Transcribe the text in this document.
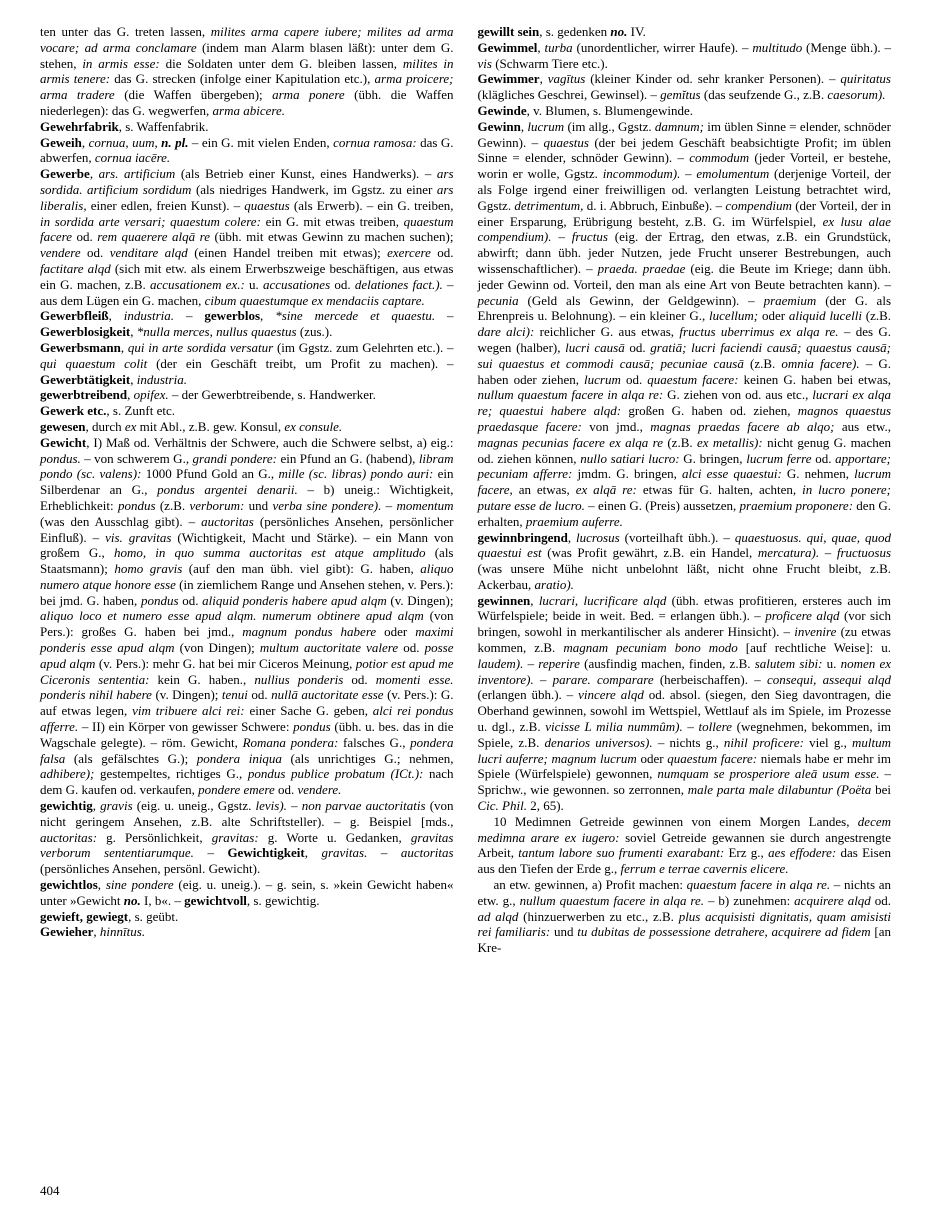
ten unter das G. treten lassen, milites arma capere iubere; milites ad arma vocare; ad arma conclamare (indem man Alarm blasen läßt): unter dem G. stehen, in armis esse: die Soldaten unter dem G. bleiben lassen, milites in armis tenere: das G. strecken (infolge einer Kapitulation etc.), arma proicere; arma tradere (die Waffen übergeben); arma ponere (übh. die Waffen niederlegen): das G. wegwerfen, arma abicere.

Gewehrfabrik, s. Waffenfabrik.

Geweih, cornua, uum, n. pl. – ein G. mit vielen Enden, cornua ramosa: das G. abwerfen, cornua iacēre.

Gewerbe, ars. artificium (als Betrieb einer Kunst, eines Handwerks). – ars sordida. artificium sordidum (als niedriges Handwerk, im Ggstz. zu einer ars liberalis, einer edlen, freien Kunst). – quaestus (als Erwerb). – ein G. treiben, in sordida arte versari; quaestum colere: ein G. mit etwas treiben, quaestum facere od. rem quaerere alqā re (übh. mit etwas Gewinn zu machen suchen); vendere od. venditare alqd (einen Handel treiben mit etwas); exercere od. factitare alqd (sich mit etw. als einem Erwerbszweige beschäftigen, aus etwas ein G. machen, z.B. accusationem ex.: u. accusationes od. delationes fact.). – aus dem Lügen ein G. machen, cibum quaestumque ex mendaciis captare.

Gewerbfleiß, industria. – gewerblos, *sine mercede et quaestu. – Gewerblosigkeit, *nulla merces, nullus quaestus (zus.).

Gewerbsmann, qui in arte sordida versatur (im Ggstz. zum Gelehrten etc.). – qui quaestum colit (der ein Geschäft treibt, um Profit zu machen). – Gewerbtätigkeit, industria.

gewerbtreibend, opifex. – der Gewerbtreibende, s. Handwerker.

Gewerk etc., s. Zunft etc.

gewesen, durch ex mit Abl., z.B. gew. Konsul, ex consule.

Gewicht, I) Maß od. Verhältnis der Schwere, auch die Schwere selbst, a) eig.: pondus. – von schwerem G., grandi pondere: ein Pfund an G. (habend), libram pondo (sc. valens): 1000 Pfund Gold an G., mille (sc. libras) pondo auri: ein Silberdenar an G., pondus argentei denarii. – b) uneig.: Wichtigkeit, Erheblichkeit: pondus (z.B. verborum: und verba sine pondere). – momentum (was den Ausschlag gibt). – auctoritas (persönliches Ansehen, persönlicher Einfluß). – vis. gravitas (Wichtigkeit, Macht und Stärke). – ein Mann von großem G., homo, in quo summa auctoritas est atque amplitudo (als Staatsmann); homo gravis (auf den man übh. viel gibt): G. haben, aliquo numero atque honore esse (in ziemlichem Range und Ansehen stehen, v. Pers.): bei jmd. G. haben, pondus od. aliquid ponderis habere apud alqm (v. Dingen); aliquo loco et numero esse apud alqm. numerum obtinere apud alqm (von Pers.): großes G. haben bei jmd., magnum pondus habere oder maximi ponderis esse apud alqm (von Dingen); multum auctoritate valere od. posse apud alqm (v. Pers.): mehr G. hat bei mir Ciceros Meinung, potior est apud me Ciceronis sententia: kein G. haben., nullius ponderis od. momenti esse. ponderis nihil habere (v. Dingen); tenui od. nullā auctoritate esse (v. Pers.): G. auf etwas legen, vim tribuere alci rei: einer Sache G. geben, alci rei pondus afferre. – II) ein Körper von gewisser Schwere: pondus (übh. u. bes. das in die Wagschale gelegte). – röm. Gewicht, Romana pondera: falsches G., pondera falsa (als gefälschtes G.); pondera iniqua (als unrichtiges G.; nehmen, adhibere); gestempeltes, richtiges G., pondus publice probatum (ICt.): nach dem G. kaufen od. verkaufen, pondere emere od. vendere.

gewichtig, gravis (eig. u. uneig., Ggstz. levis). – non parvae auctoritatis (von nicht geringem Ansehen, z.B. alte Schriftsteller). – g. Beispiel [mds., auctoritas: g. Persönlichkeit, gravitas: g. Worte u. Gedanken, gravitas verborum sententiarumque. – Gewichtigkeit, gravitas. – auctoritas (persönliches Ansehen, persönl. Gewicht).

gewichtlos, sine pondere (eig. u. uneig.). – g. sein, s. »kein Gewicht haben« unter »Gewicht no. I, b«. – gewichtvoll, s. gewichtig.

gewieft, gewiegt, s. geübt.

Gewieher, hinnītus.

gewillt sein, s. gedenken no. IV.

Gewimmel, turba (unordentlicher, wirrer Haufe). – multitudo (Menge übh.). – vis (Schwarm Tiere etc.).

Gewimmer, vagītus (kleiner Kinder od. sehr kranker Personen). – quiritatus (klägliches Geschrei, Gewinsel). – gemĭtus (das seufzende G., z.B. caesorum).

Gewinde, v. Blumen, s. Blumengewinde.

Gewinn, lucrum (im allg., Ggstz. damnum; im üblen Sinne = elender, schnöder Gewinn). – quaestus (der bei jedem Geschäft beabsichtigte Profit; im üblen Sinne = elender, schnöder Gewinn). – commodum (jeder Vorteil, er bestehe, worin er wolle, Ggstz. incommodum). – emolumentum (derjenige Vorteil, der als Folge irgend einer freiwilligen od. verlangten Leistung betrachtet wird, Ggstz. detrimentum, d. i. Abbruch, Einbuße). – compendium (der Vorteil, der in einer Ersparung, Erübrigung besteht, z.B. G. im Würfelspiel, ex lusu alae compendium). – fructus (eig. der Ertrag, den etwas, z.B. ein Grundstück, abwirft; dann übh. jeder Nutzen, jede Frucht unserer Bestrebungen, auch wissenschaftlicher). – praeda. praedae (eig. die Beute im Kriege; dann übh. jeder Gewinn od. Vorteil, den man als eine Art von Beute betrachten kann). – pecunia (Geld als Gewinn, der Geldgewinn). – praemium (der G. als Ehrenpreis u. Belohnung). – ein kleiner G., lucellum; oder aliquid lucelli (z.B. dare alci): reichlicher G. aus etwas, fructus uberrimus ex alqa re. – des G. wegen (halber), lucri causā od. gratiā; lucri faciendi causā; quaestus causā; sui quaestus et commodi causā; pecuniae causā (z.B. omnia facere). – G. haben oder ziehen, lucrum od. quaestum facere: keinen G. haben bei etwas, nullum quaestum facere in alqa re: G. ziehen von od. aus etc., lucrari ex alqa re; quaestui habere alqd: großen G. haben od. ziehen, magnos quaestus praedasque facere: von jmd., magnas praedas facere ab alqo; aus etw., magnas pecunias facere ex alqa re (z.B. ex metallis): nicht genug G. machen od. ziehen können, nullo satiari lucro: G. bringen, lucrum ferre od. apportare; pecuniam afferre: jmdm. G. bringen, alci esse quaestui: G. nehmen, lucrum facere, an etwas, ex alqā re: etwas für G. halten, achten, in lucro ponere; putare esse de lucro. – einen G. (Preis) aussetzen, praemium proponere: den G. erhalten, praemium auferre.

gewinnbringend, lucrosus (vorteilhaft übh.). – quaestuosus. qui, quae, quod quaestui est (was Profit gewährt, z.B. ein Handel, mercatura). – fructuosus (was unsere Mühe nicht unbelohnt läßt, nicht ohne Frucht bleibt, z.B. Ackerbau, aratio).

gewinnen, lucrari, lucrificare alqd (übh. etwas profitieren, ersteres auch im Würfelspiele; beide in weit. Bed. = erlangen übh.). – proficere alqd (vor sich bringen, sowohl in merkantilischer als anderer Hinsicht). – invenire (zu etwas kommen, z.B. magnam pecuniam bono modo [auf rechtliche Weise]: u. laudem). – reperire (ausfindig machen, finden, z.B. salutem sibi: u. nomen ex inventore). – parare. comparare (herbeischaffen). – consequi, assequi alqd (erlangen übh.). – vincere alqd od. absol. (siegen, den Sieg davontragen, die Oberhand gewinnen, sowohl im Wettspiel, Wettlauf als im Spiele, im Prozesse u. dgl., z.B. vicisse L milia nummûm). – tollere (wegnehmen, bekommen, im Spiele, z.B. denarios universos). – nichts g., nihil proficere: viel g., multum lucri auferre; magnum lucrum oder quaestum facere: niemals habe er mehr im Spiele (Würfelspiele) gewonnen, numquam se prosperiore aleā usum esse. – Sprichw., wie gewonnen. so zerronnen, male parta male dilabuntur (Poëta bei Cic. Phil. 2, 65).

10 Medimnen Getreide gewinnen von einem Morgen Landes, decem medimna arare ex iugero: soviel Getreide gewannen sie durch angestrengte Arbeit, tantum labore suo frumenti exarabant: Erz g., aes effodere: das Eisen aus den Tiefen der Erde g., ferrum e terrae cavernis elicere.

an etw. gewinnen, a) Profit machen: quaestum facere in alqa re. – nichts an etw. g., nullum quaestum facere in alqa re. – b) zunehmen: acquirere alqd od. ad alqd (hinzuerwerben zu etc., z.B. plus acquisisti dignitatis, quam amisisti rei familiaris: und tu dubitas de possessione detrahere, acquirere ad fidem [an Kre-

404
